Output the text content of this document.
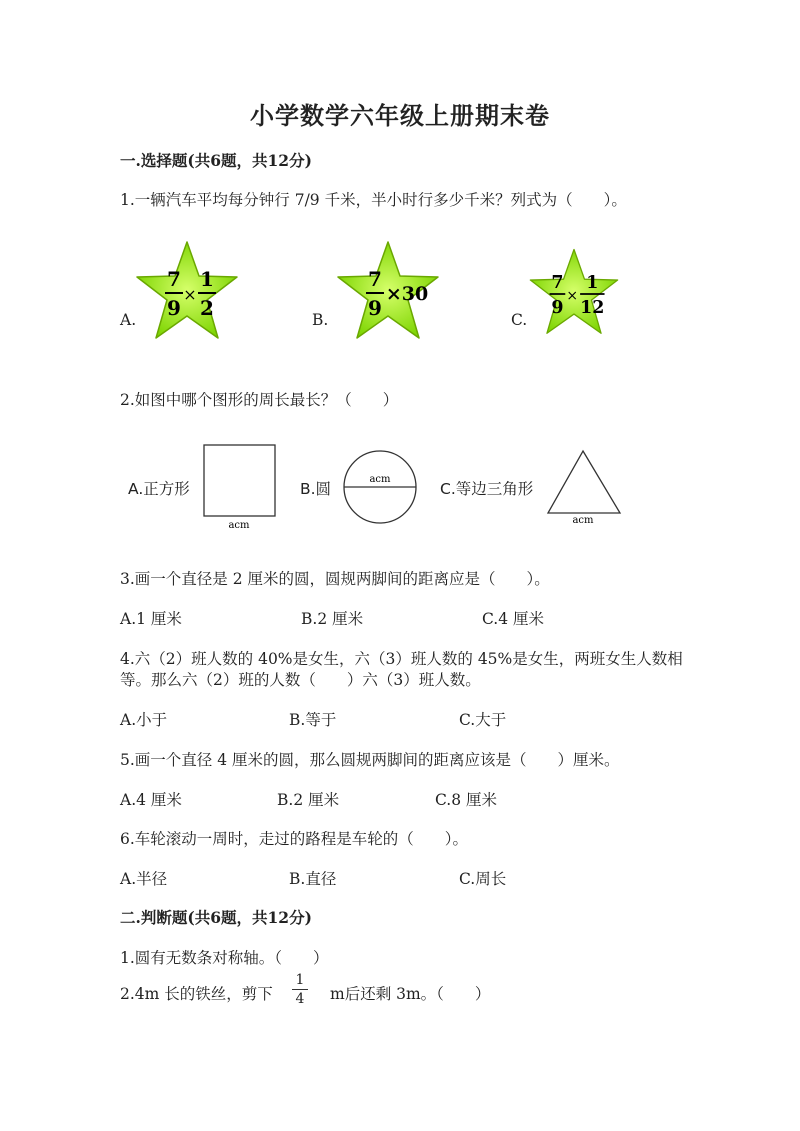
小学数学六年级上册期末卷
一.选择题(共6题，共12分)
1.一辆汽车平均每分钟行 7/9 千米，半小时行多少千米？列式为（　　）。
A.
7
9
×
1
2	B.
7
9
×30
C.
7
9
×
1
12
2.如图中哪个图形的周长最长？（　　）
A.正方形
acm
B.圆
acm
C.等边三角形
acm
3.画一个直径是 2 厘米的圆，圆规两脚间的距离应是（　　）。
A.1 厘米	B.2 厘米	C.4 厘米
4.六（2）班人数的 40%是女生，六（3）班人数的 45%是女生，两班女生人数相
等。那么六（2）班的人数（　　）六（3）班人数。
A.小于	B.等于	C.大于
5.画一个直径 4 厘米的圆，那么圆规两脚间的距离应该是（　　）厘米。
A.4 厘米	B.2 厘米	C.8 厘米
6.车轮滚动一周时，走过的路程是车轮的（　　）。
A.半径	B.直径	C.周长
二.判断题(共6题，共12分)
1.圆有无数条对称轴。（　　）
2.4m 长的铁丝，剪下
1
4 m后还剩 3m。（　　）
